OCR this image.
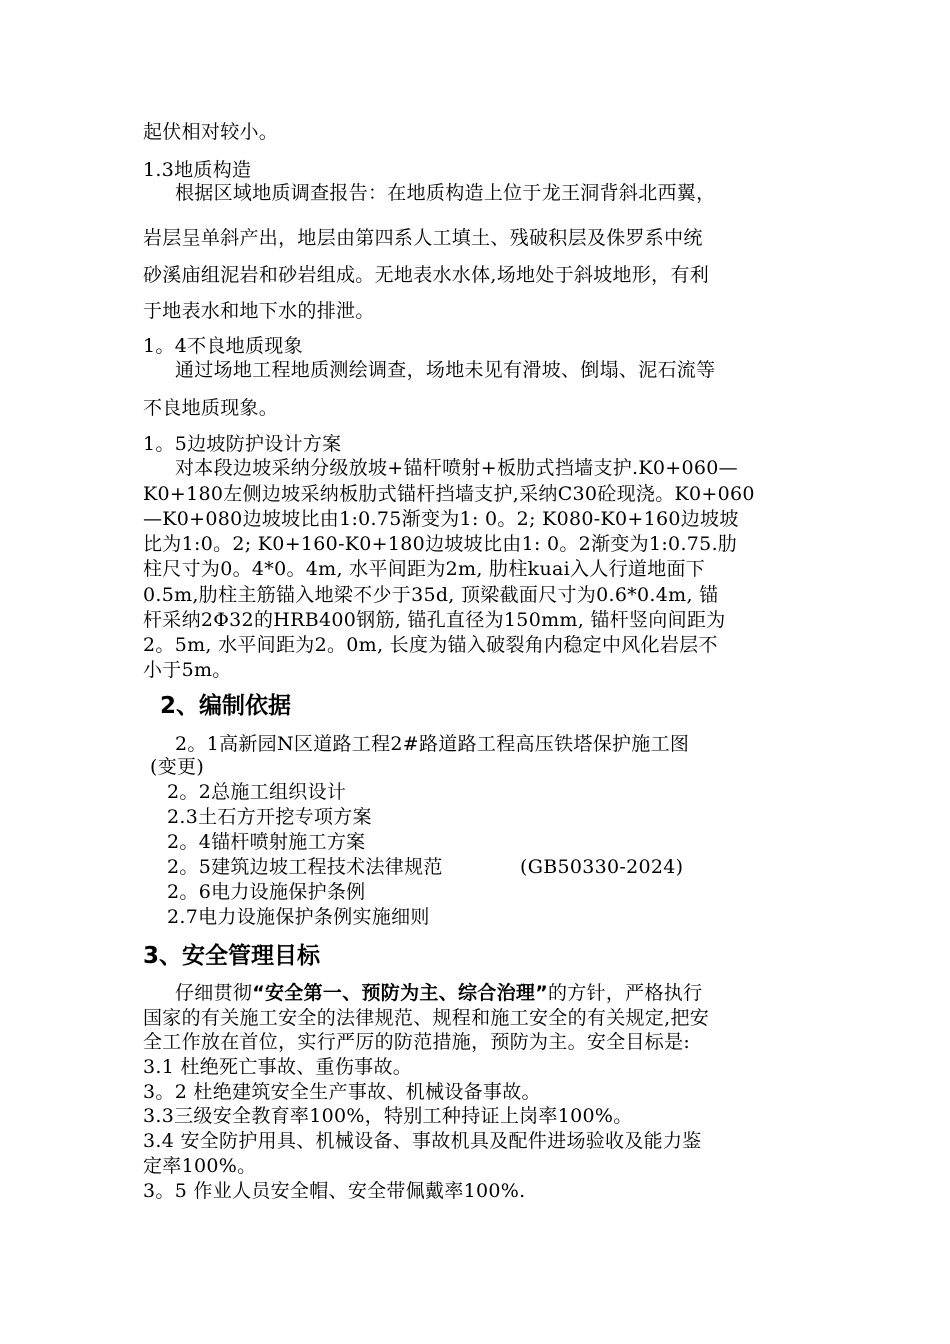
起伏相对较小。
1.3地质构造
根据区域地质调查报告：在地质构造上位于龙王洞背斜北西翼，
岩层呈单斜产出，地层由第四系人工填土、残破积层及侏罗系中统
砂溪庙组泥岩和砂岩组成。无地表水水体,场地处于斜坡地形，有利
于地表水和地下水的排泄。
1。4不良地质现象
通过场地工程地质测绘调查，场地未见有滑坡、倒塌、泥石流等
不良地质现象。
1。5边坡防护设计方案
对本段边坡采纳分级放坡+锚杆喷射+板肋式挡墙支护.K0+060—
K0+180左侧边坡采纳板肋式锚杆挡墙支护,采纳C30砼现浇。K0+060
—K0+080边坡坡比由1:0.75渐变为1: 0。2; K080-K0+160边坡坡
比为1:0。2; K0+160-K0+180边坡坡比由1: 0。2渐变为1:0.75.肋
柱尺寸为0。4*0。4m, 水平间距为2m, 肋柱kuai入人行道地面下
0.5m,肋柱主筋锚入地梁不少于35d, 顶梁截面尺寸为0.6*0.4m, 锚
杆采纳2Φ32的HRB400钢筋, 锚孔直径为150mm, 锚杆竖向间距为
2。5m, 水平间距为2。0m, 长度为锚入破裂角内稳定中风化岩层不
小于5m。
2、编制依据
2。1高新园N区道路工程2#路道路工程高压铁塔保护施工图
(变更)
2。2总施工组织设计
2.3土石方开挖专项方案
2。4锚杆喷射施工方案
2。5建筑边坡工程技术法律规范	(GB50330-2024)
2。6电力设施保护条例
2.7电力设施保护条例实施细则
3、安全管理目标
仔细贯彻“安全第一、预防为主、综合治理”的方针，严格执行
国家的有关施工安全的法律规范、规程和施工安全的有关规定,把安
全工作放在首位，实行严厉的防范措施，预防为主。安全目标是:
3.1 杜绝死亡事故、重伤事故。
3。2 杜绝建筑安全生产事故、机械设备事故。
3.3三级安全教育率100%，特别工种持证上岗率100%。
3.4 安全防护用具、机械设备、事故机具及配件进场验收及能力鉴
定率100%。
3。5 作业人员安全帽、安全带佩戴率100%.
